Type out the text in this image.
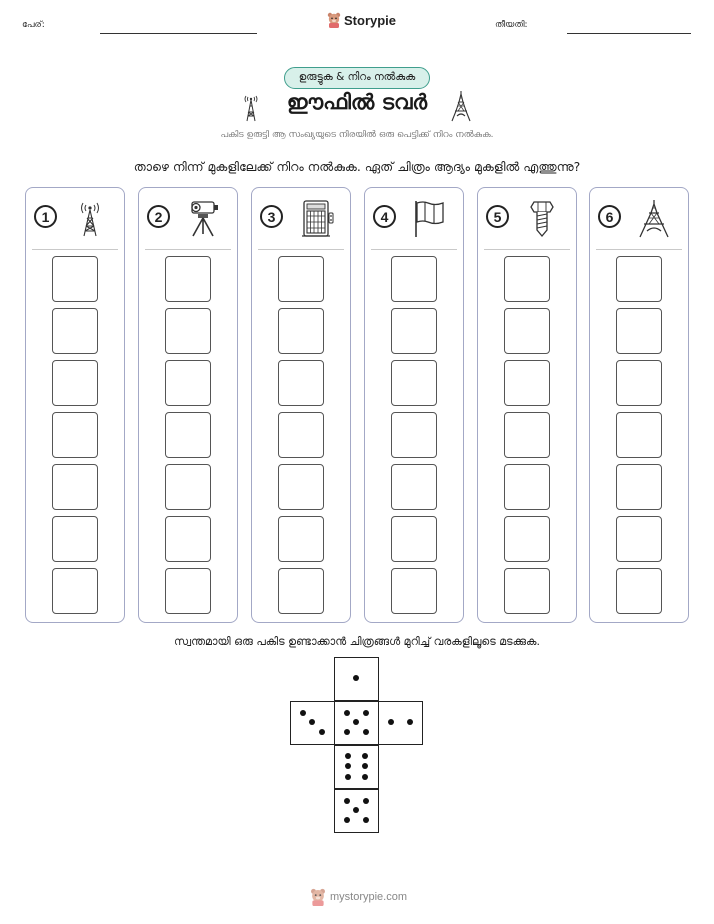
പേര്:	Storypie	തീയതി:
ഉരുട്ടുക & നിറം നൽകുക
ഈഫിൽ ടവർ
പകിട ഉരുട്ടി ആ സംഖ്യയുടെ നിരയിൽ ഒരു പെട്ടിക്ക് നിറം നൽകുക.
താഴെ നിന്ന് മുകളിലേക്ക് നിറം നൽകുക. ഏത് ചിത്രം ആദ്യം മുകളിൽ എത്തുന്നു?
1	2	3	4	5	6
സ്വന്തമായി ഒരു പകിട ഉണ്ടാക്കാൻ ചിത്രങ്ങൾ മുറിച്ച് വരകളിലൂടെ മടക്കുക.
mystorypie.com
